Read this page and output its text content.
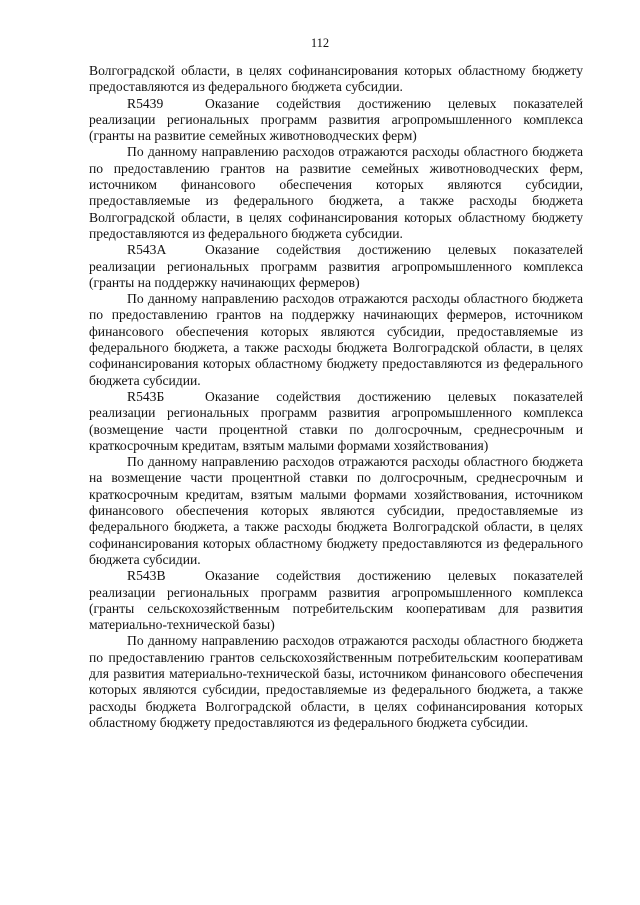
112

Волгоградской области, в целях софинансирования которых областному бюджету предоставляются из федерального бюджета субсидии.

R5439	Оказание содействия достижению целевых показателей реализации региональных программ развития агропромышленного комплекса (гранты на развитие семейных животноводческих ферм)

По данному направлению расходов отражаются расходы областного бюджета по предоставлению грантов на развитие семейных животноводческих ферм, источником финансового обеспечения которых являются субсидии, предоставляемые из федерального бюджета, а также расходы бюджета Волгоградской области, в целях софинансирования которых областному бюджету предоставляются из федерального бюджета субсидии.

R543А	Оказание содействия достижению целевых показателей реализации региональных программ развития агропромышленного комплекса (гранты на поддержку начинающих фермеров)

По данному направлению расходов отражаются расходы областного бюджета по предоставлению грантов на поддержку начинающих фермеров, источником финансового обеспечения которых являются субсидии, предоставляемые из федерального бюджета, а также расходы бюджета Волгоградской области, в целях софинансирования которых областному бюджету предоставляются из федерального бюджета субсидии.

R543Б	Оказание содействия достижению целевых показателей реализации региональных программ развития агропромышленного комплекса (возмещение части процентной ставки по долгосрочным, среднесрочным и краткосрочным кредитам, взятым малыми формами хозяйствования)

По данному направлению расходов отражаются расходы областного бюджета на возмещение части процентной ставки по долгосрочным, среднесрочным и краткосрочным кредитам, взятым малыми формами хозяйствования, источником финансового обеспечения которых являются субсидии, предоставляемые из федерального бюджета, а также расходы бюджета Волгоградской области, в целях софинансирования которых областному бюджету предоставляются из федерального бюджета субсидии.

R543В	Оказание содействия достижению целевых показателей реализации региональных программ развития агропромышленного комплекса (гранты сельскохозяйственным потребительским кооперативам для развития материально-технической базы)

По данному направлению расходов отражаются расходы областного бюджета по предоставлению грантов сельскохозяйственным потребительским кооперативам для развития материально-технической базы, источником финансового обеспечения которых являются субсидии, предоставляемые из федерального бюджета, а также расходы бюджета Волгоградской области, в целях софинансирования которых областному бюджету предоставляются из федерального бюджета субсидии.
